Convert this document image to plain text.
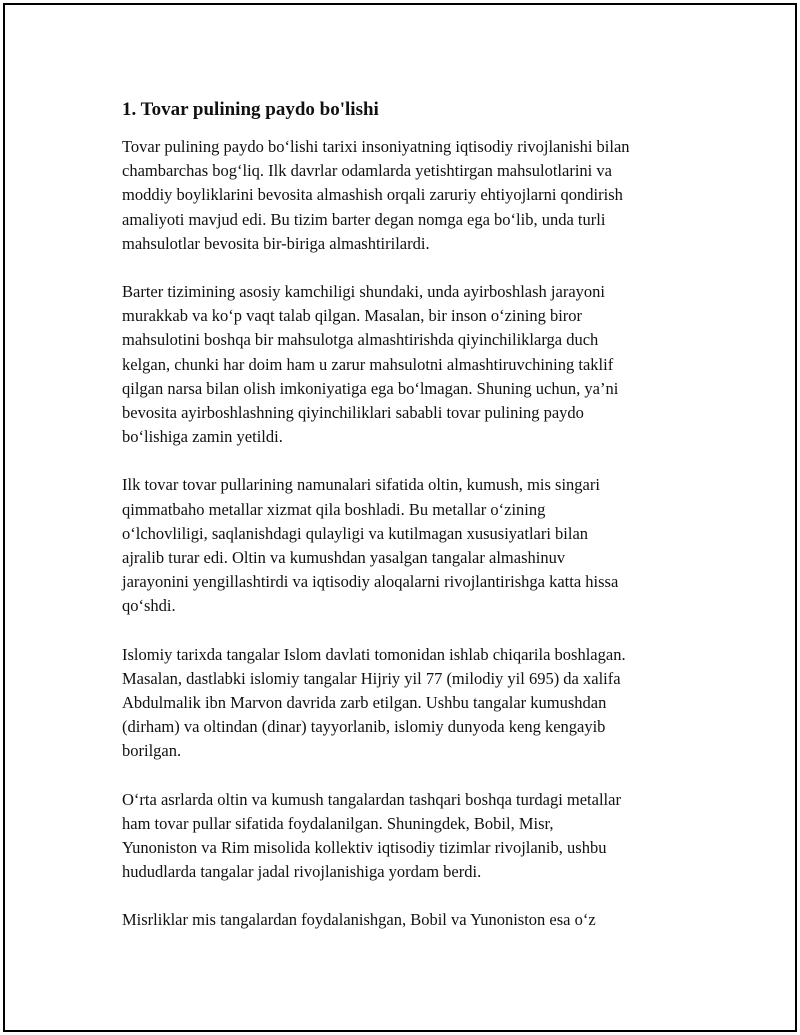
1. Tovar pulining paydo bo'lishi

Tovar pulining paydo bo‘lishi tarixi insoniyatning iqtisodiy rivojlanishi bilan
chambarchas bog‘liq. Ilk davrlar odamlarda yetishtirgan mahsulotlarini va
moddiy boyliklarini bevosita almashish orqali zaruriy ehtiyojlarni qondirish
amaliyoti mavjud edi. Bu tizim barter degan nomga ega bo‘lib, unda turli
mahsulotlar bevosita bir-biriga almashtirilardi.

Barter tizimining asosiy kamchiligi shundaki, unda ayirboshlash jarayoni
murakkab va ko‘p vaqt talab qilgan. Masalan, bir inson o‘zining biror
mahsulotini boshqa bir mahsulotga almashtirishda qiyinchiliklarga duch
kelgan, chunki har doim ham u zarur mahsulotni almashtiruvchining taklif
qilgan narsa bilan olish imkoniyatiga ega bo‘lmagan. Shuning uchun, ya’ni
bevosita ayirboshlashning qiyinchiliklari sababli tovar pulining paydo
bo‘lishiga zamin yetildi.

Ilk tovar tovar pullarining namunalari sifatida oltin, kumush, mis singari
qimmatbaho metallar xizmat qila boshladi. Bu metallar o‘zining
o‘lchovliligi, saqlanishdagi qulayligi va kutilmagan xususiyatlari bilan
ajralib turar edi. Oltin va kumushdan yasalgan tangalar almashinuv
jarayonini yengillashtirdi va iqtisodiy aloqalarni rivojlantirishga katta hissa
qo‘shdi.

Islomiy tarixda tangalar Islom davlati tomonidan ishlab chiqarila boshlagan.
Masalan, dastlabki islomiy tangalar Hijriy yil 77 (milodiy yil 695) da xalifa
Abdulmalik ibn Marvon davrida zarb etilgan. Ushbu tangalar kumushdan
(dirham) va oltindan (dinar) tayyorlanib, islomiy dunyoda keng kengayib
borilgan.

O‘rta asrlarda oltin va kumush tangalardan tashqari boshqa turdagi metallar
ham tovar pullar sifatida foydalanilgan. Shuningdek, Bobil, Misr,
Yunoniston va Rim misolida kollektiv iqtisodiy tizimlar rivojlanib, ushbu
hududlarda tangalar jadal rivojlanishiga yordam berdi.

Misrliklar mis tangalardan foydalanishgan, Bobil va Yunoniston esa o‘z
